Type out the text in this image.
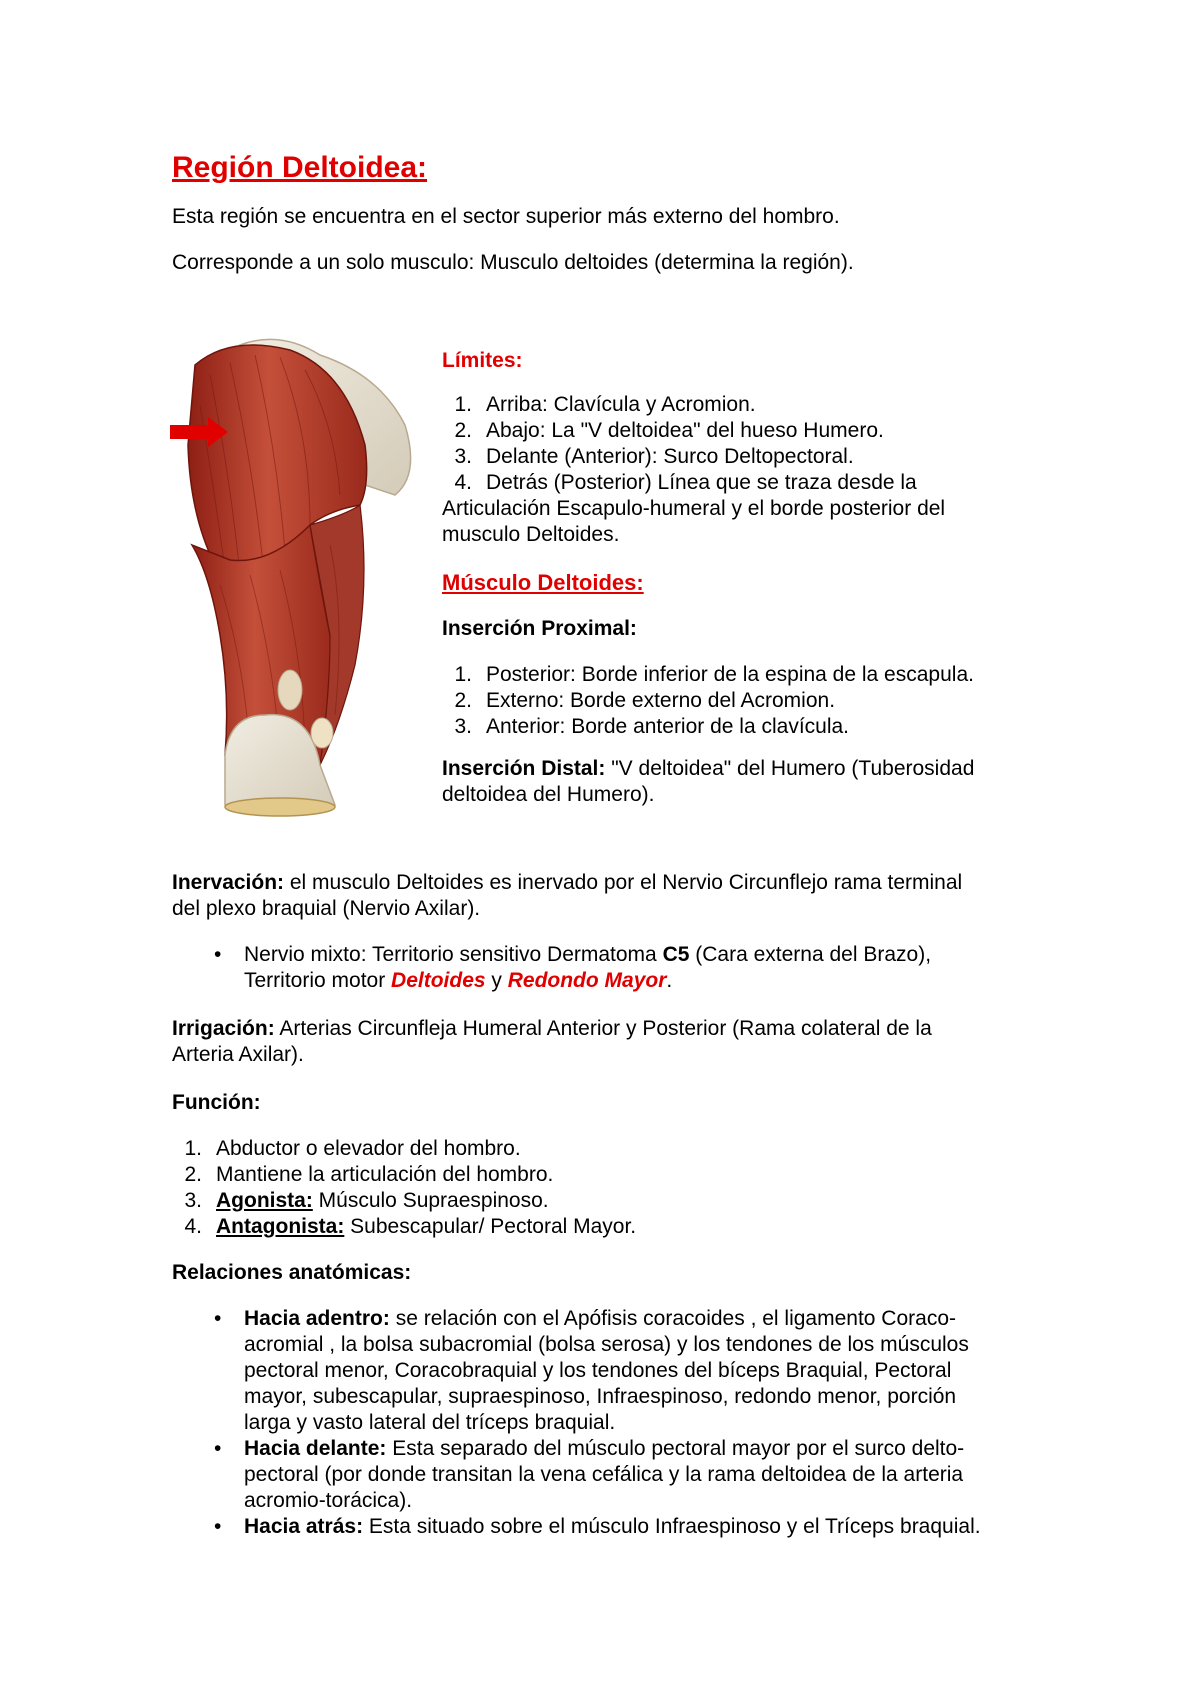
Región Deltoidea:

Esta región se encuentra en el sector superior más externo del hombro.

Corresponde a un solo musculo: Musculo deltoides (determina la región).

Límites:

1. Arriba: Clavícula y Acromion.
2. Abajo: La "V deltoidea" del hueso Humero.
3. Delante (Anterior): Surco Deltopectoral.
4. Detrás (Posterior) Línea que se traza desde la

Articulación Escapulo-humeral y el borde posterior del

musculo Deltoides.

Músculo Deltoides:

Inserción Proximal:

1. Posterior: Borde inferior de la espina de la escapula.
2. Externo: Borde externo del Acromion.
3. Anterior: Borde anterior de la clavícula.

Inserción Distal: "V deltoidea" del Humero (Tuberosidad

deltoidea del Humero).

Inervación: el musculo Deltoides es inervado por el Nervio Circunflejo rama terminal

del plexo braquial (Nervio Axilar).

• Nervio mixto: Territorio sensitivo Dermatoma C5 (Cara externa del Brazo),
Territorio motor Deltoides y Redondo Mayor.

Irrigación: Arterias Circunfleja Humeral Anterior y Posterior (Rama colateral de la

Arteria Axilar).

Función:

1. Abductor o elevador del hombro.
2. Mantiene la articulación del hombro.
3. Agonista: Músculo Supraespinoso.
4. Antagonista: Subescapular/ Pectoral Mayor.

Relaciones anatómicas:

• Hacia adentro: se relación con el Apófisis coracoides , el ligamento Coraco-
acromial , la bolsa subacromial (bolsa serosa) y los tendones de los músculos
pectoral menor, Coracobraquial y los tendones del bíceps Braquial, Pectoral
mayor, subescapular, supraespinoso, Infraespinoso, redondo menor, porción
larga y vasto lateral del tríceps braquial.
• Hacia delante: Esta separado del músculo pectoral mayor por el surco delto-
pectoral (por donde transitan la vena cefálica y la rama deltoidea de la arteria
acromio-torácica).
• Hacia atrás: Esta situado sobre el músculo Infraespinoso y el Tríceps braquial.
